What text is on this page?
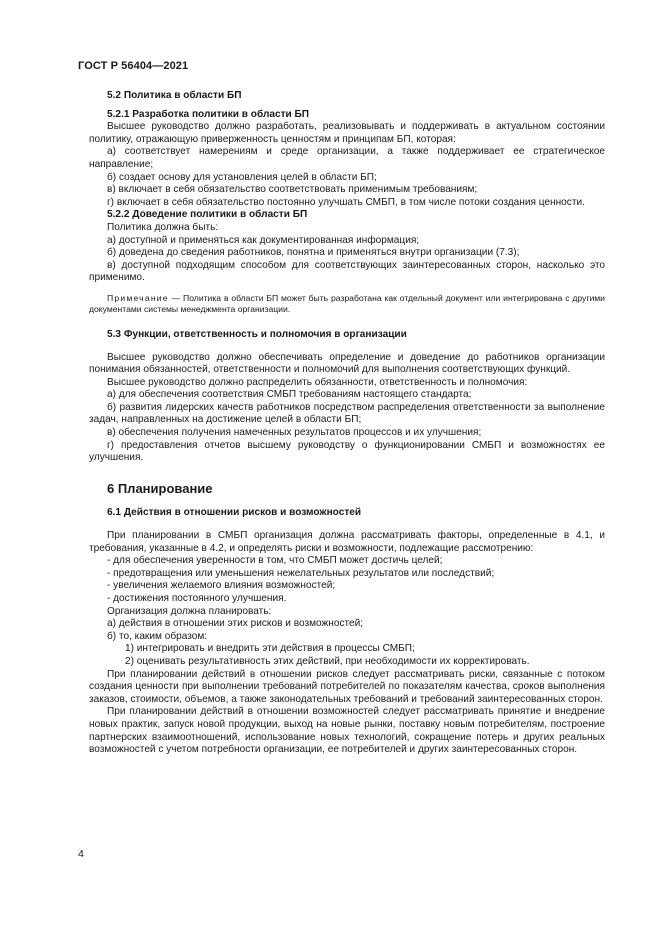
ГОСТ Р 56404—2021
5.2 Политика в области БП
5.2.1 Разработка политики в области БП
Высшее руководство должно разработать, реализовывать и поддерживать в актуальном состоянии политику, отражающую приверженность ценностям и принципам БП, которая:
а) соответствует намерениям и среде организации, а также поддерживает ее стратегическое направление;
б) создает основу для установления целей в области БП;
в) включает в себя обязательство соответствовать применимым требованиям;
г) включает в себя обязательство постоянно улучшать СМБП, в том числе потоки создания ценности.
5.2.2 Доведение политики в области БП
Политика должна быть:
а) доступной и применяться как документированная информация;
б) доведена до сведения работников, понятна и применяться внутри организации (7.3);
в) доступной подходящим способом для соответствующих заинтересованных сторон, насколько это применимо.
Примечание — Политика в области БП может быть разработана как отдельный документ или интегрирована с другими документами системы менеджмента организации.
5.3 Функции, ответственность и полномочия в организации
Высшее руководство должно обеспечивать определение и доведение до работников организации понимания обязанностей, ответственности и полномочий для выполнения соответствующих функций.
Высшее руководство должно распределить обязанности, ответственность и полномочия:
а) для обеспечения соответствия СМБП требованиям настоящего стандарта;
б) развития лидерских качеств работников посредством распределения ответственности за выполнение задач, направленных на достижение целей в области БП;
в) обеспечения получения намеченных результатов процессов и их улучшения;
г) предоставления отчетов высшему руководству о функционировании СМБП и возможностях ее улучшения.
6 Планирование
6.1 Действия в отношении рисков и возможностей
При планировании в СМБП организация должна рассматривать факторы, определенные в 4.1, и требования, указанные в 4.2, и определять риски и возможности, подлежащие рассмотрению:
- для обеспечения уверенности в том, что СМБП может достичь целей;
- предотвращения или уменьшения нежелательных результатов или последствий;
- увеличения желаемого влияния возможностей;
- достижения постоянного улучшения.
Организация должна планировать:
а) действия в отношении этих рисков и возможностей;
б) то, каким образом:
1) интегрировать и внедрить эти действия в процессы СМБП;
2) оценивать результативность этих действий, при необходимости их корректировать.
При планировании действий в отношении рисков следует рассматривать риски, связанные с потоком создания ценности при выполнении требований потребителей по показателям качества, сроков выполнения заказов, стоимости, объемов, а также законодательных требований и требований заинтересованных сторон.
При планировании действий в отношении возможностей следует рассматривать принятие и внедрение новых практик, запуск новой продукции, выход на новые рынки, поставку новым потребителям, построение партнерских взаимоотношений, использование новых технологий, сокращение потерь и других реальных возможностей с учетом потребности организации, ее потребителей и других заинтересованных сторон.
4
